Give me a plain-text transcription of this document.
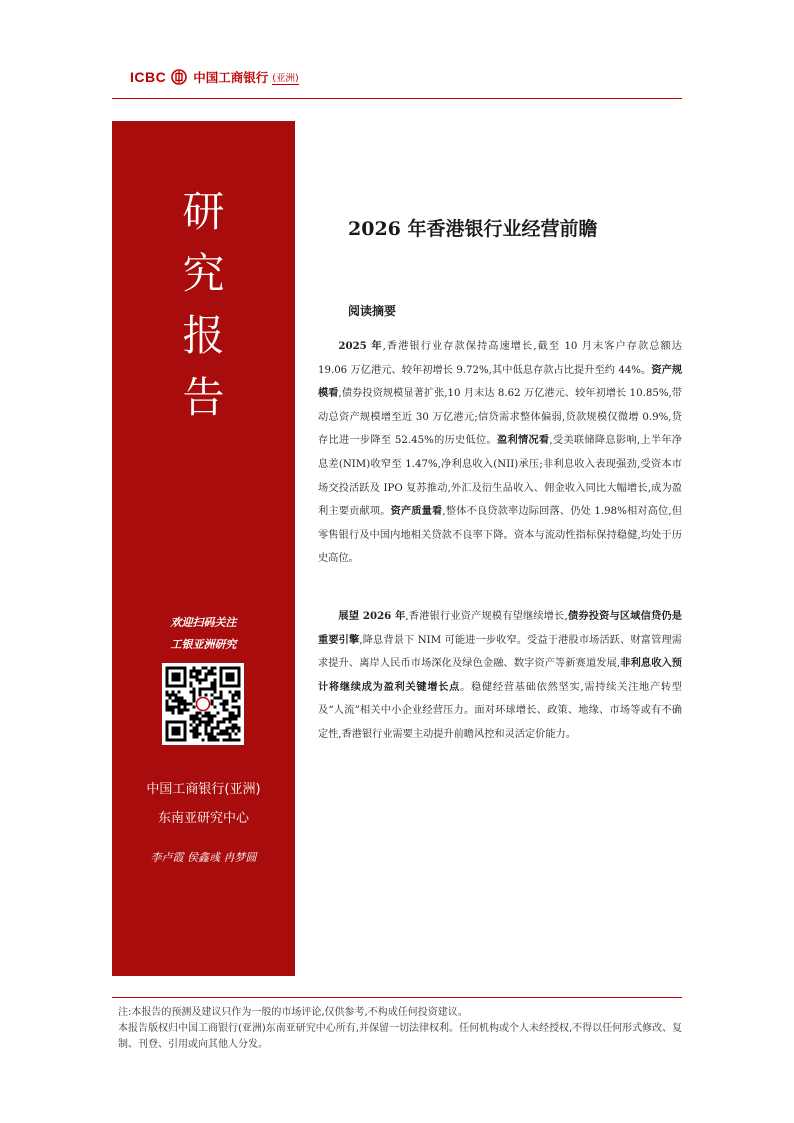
ICBC 中国工商银行 (亚洲)
研
究
报
告
欢迎扫码关注
工银亚洲研究
中国工商银行(亚洲)
东南亚研究中心
李卢霞 侯鑫彧 冉梦圆
2026 年香港银行业经营前瞻
阅读摘要
2025 年,香港银行业存款保持高速增长,截至 10 月末客户存款总额达 19.06 万亿港元、较年初增长 9.72%,其中低息存款占比提升至约 44%。资产规模看,债券投资规模显著扩张,10 月末达 8.62 万亿港元、较年初增长 10.85%,带动总资产规模增至近 30 万亿港元;信贷需求整体偏弱,贷款规模仅微增 0.9%,贷存比进一步降至 52.45%的历史低位。盈利情况看,受美联储降息影响,上半年净息差(NIM)收窄至 1.47%,净利息收入(NII)承压;非利息收入表现强劲,受资本市场交投活跃及 IPO 复苏推动,外汇及衍生品收入、佣金收入同比大幅增长,成为盈利主要贡献项。资产质量看,整体不良贷款率边际回落、仍处 1.98%相对高位,但零售银行及中国内地相关贷款不良率下降。资本与流动性指标保持稳健,均处于历史高位。
展望 2026 年,香港银行业资产规模有望继续增长,债券投资与区域信贷仍是重要引擎,降息背景下 NIM 可能进一步收窄。受益于港股市场活跃、财富管理需求提升、离岸人民币市场深化及绿色金融、数字资产等新赛道发展,非利息收入预计将继续成为盈利关键增长点。稳健经营基础依然坚实,需持续关注地产转型及“人流”相关中小企业经营压力。面对环球增长、政策、地缘、市场等或有不确定性,香港银行业需要主动提升前瞻风控和灵活定价能力。
注:本报告的预测及建议只作为一般的市场评论,仅供参考,不构成任何投资建议。
本报告版权归中国工商银行(亚洲)东南亚研究中心所有,并保留一切法律权利。任何机构或个人未经授权,不得以任何形式修改、复制、刊登、引用或向其他人分发。
